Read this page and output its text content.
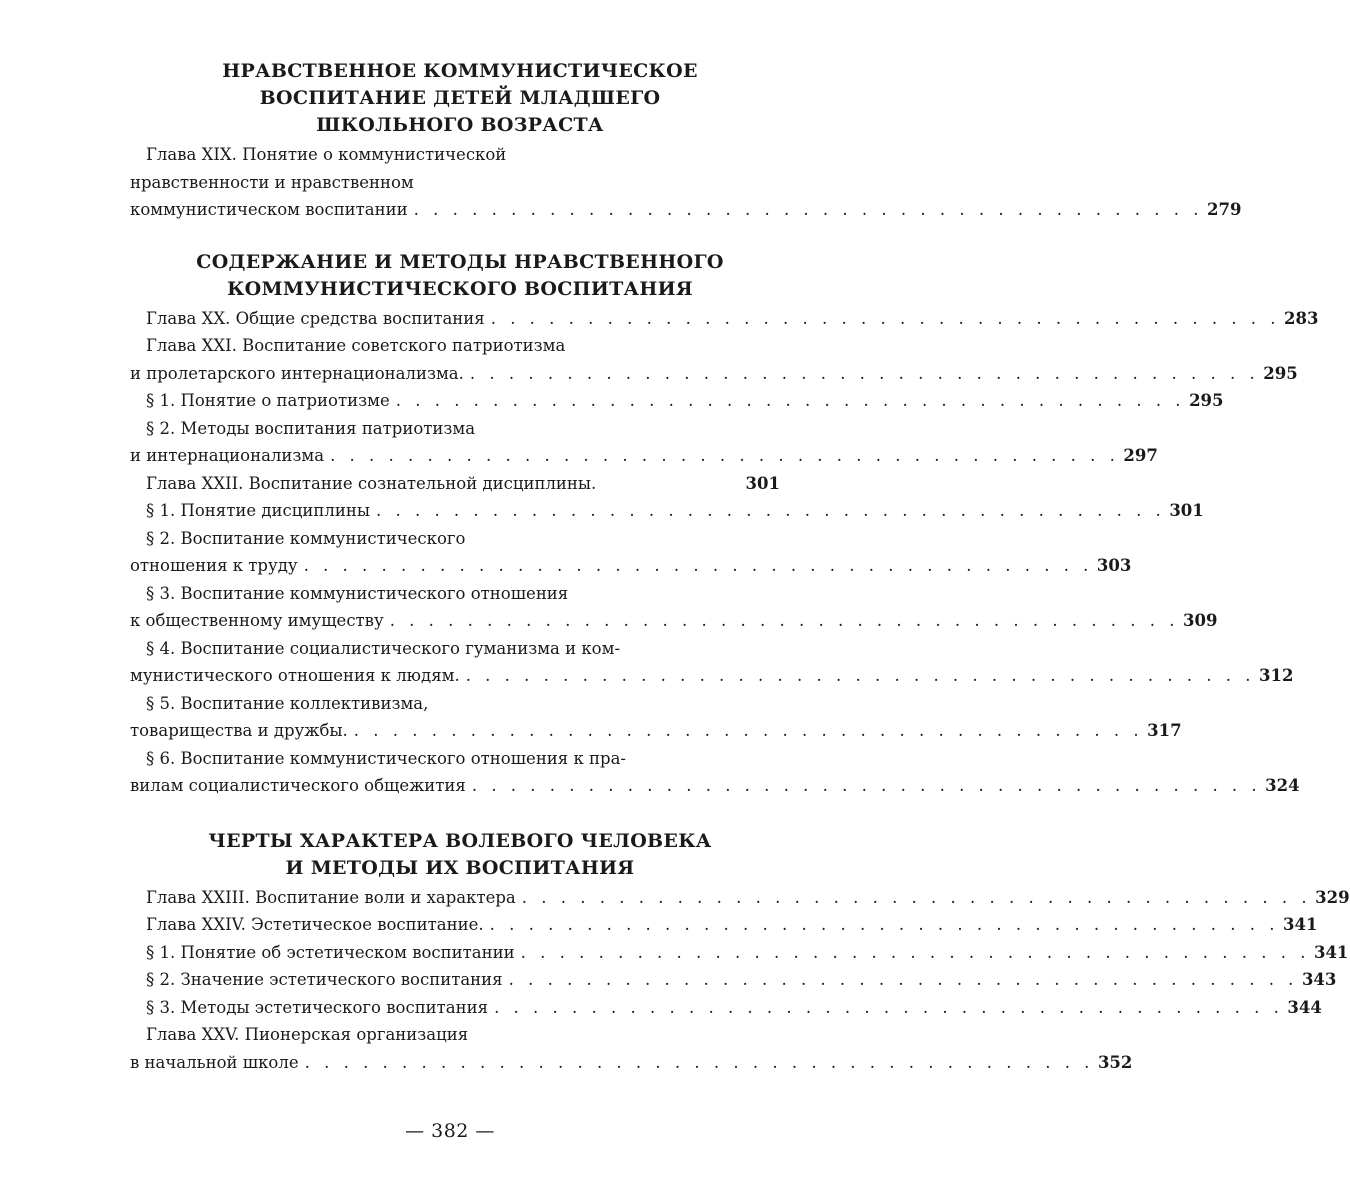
НРАВСТВЕННОЕ КОММУНИСТИЧЕСКОЕ
ВОСПИТАНИЕ ДЕТЕЙ МЛАДШЕГО
ШКОЛЬНОГО ВОЗРАСТА
Глава XIX. Понятие о коммунистической
нравственности и нравственном
коммунистическом воспитании . . . . . . . . . . . . . . . . . . . . . . . . . . . . . . . . . . . . . . . . . 279
СОДЕРЖАНИЕ И МЕТОДЫ НРАВСТВЕННОГО
КОММУНИСТИЧЕСКОГО ВОСПИТАНИЯ
Глава XX. Общие средства воспитания . . . . . . . . . . . . . . . . . . . . . . . . . . . . . . . . . . . . . . . . . 283
Глава XXI. Воспитание советского патриотизма
и пролетарского интернационализма. . . . . . . . . . . . . . . . . . . . . . . . . . . . . . . . . . . . . . . . . . 295
§ 1. Понятие о патриотизме . . . . . . . . . . . . . . . . . . . . . . . . . . . . . . . . . . . . . . . . . 295
§ 2. Методы воспитания патриотизма
и интернационализма . . . . . . . . . . . . . . . . . . . . . . . . . . . . . . . . . . . . . . . . . 297
Глава XXII. Воспитание сознательной дисциплины.	301
§ 1. Понятие дисциплины . . . . . . . . . . . . . . . . . . . . . . . . . . . . . . . . . . . . . . . . . 301
§ 2. Воспитание коммунистического
отношения к труду . . . . . . . . . . . . . . . . . . . . . . . . . . . . . . . . . . . . . . . . . 303
§ 3. Воспитание коммунистического отношения
к общественному имуществу . . . . . . . . . . . . . . . . . . . . . . . . . . . . . . . . . . . . . . . . . 309
§ 4. Воспитание социалистического гуманизма и ком-
мунистического отношения к людям. . . . . . . . . . . . . . . . . . . . . . . . . . . . . . . . . . . . . . . . . . 312
§ 5. Воспитание коллективизма,
товарищества и дружбы. . . . . . . . . . . . . . . . . . . . . . . . . . . . . . . . . . . . . . . . . . 317
§ 6. Воспитание коммунистического отношения к пра-
вилам социалистического общежития . . . . . . . . . . . . . . . . . . . . . . . . . . . . . . . . . . . . . . . . . 324
ЧЕРТЫ ХАРАКТЕРА ВОЛЕВОГО ЧЕЛОВЕКА
И МЕТОДЫ ИХ ВОСПИТАНИЯ
Глава XXIII. Воспитание воли и характера . . . . . . . . . . . . . . . . . . . . . . . . . . . . . . . . . . . . . . . . . 329
Глава XXIV. Эстетическое воспитание. . . . . . . . . . . . . . . . . . . . . . . . . . . . . . . . . . . . . . . . . . 341
§ 1. Понятие об эстетическом воспитании . . . . . . . . . . . . . . . . . . . . . . . . . . . . . . . . . . . . . . . . . 341
§ 2. Значение эстетического воспитания . . . . . . . . . . . . . . . . . . . . . . . . . . . . . . . . . . . . . . . . . 343
§ 3. Методы эстетического воспитания . . . . . . . . . . . . . . . . . . . . . . . . . . . . . . . . . . . . . . . . . 344
Глава XXV. Пионерская организация
в начальной школе . . . . . . . . . . . . . . . . . . . . . . . . . . . . . . . . . . . . . . . . . 352
— 382 —
